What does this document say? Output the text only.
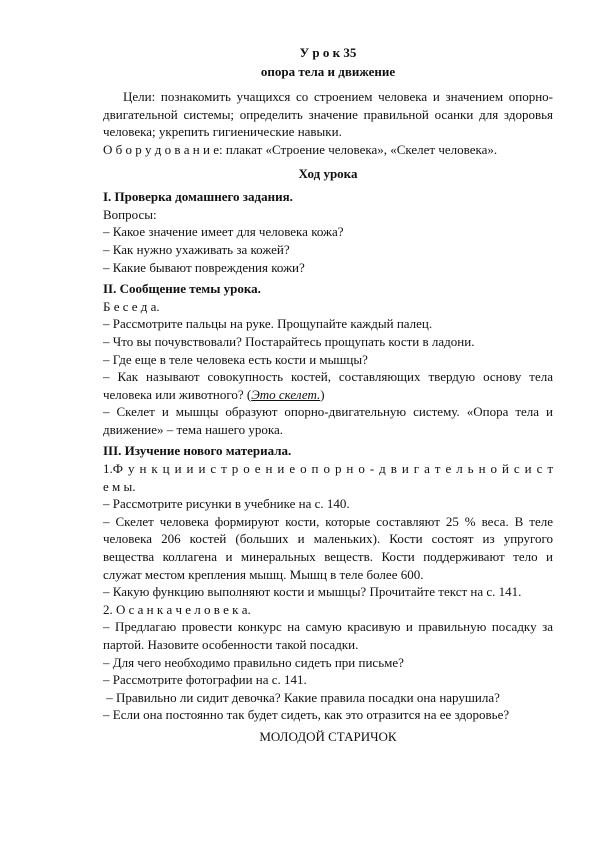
У р о к 35

опора тела и движение

Цели: познакомить учащихся со строением человека и значением опорно-двигательной системы; определить значение правильной осанки для здоровья человека; укрепить гигиенические навыки.

О б о р у д о в а н и е: плакат «Строение человека», «Скелет человека».

Ход урока

I. Проверка домашнего задания.

Вопросы:

– Какое значение имеет для человека кожа?

– Как нужно ухаживать за кожей?

– Какие бывают повреждения кожи?

II. Сообщение темы урока.

Б е с е д а.

– Рассмотрите пальцы на руке. Прощупайте каждый палец.

– Что вы почувствовали? Постарайтесь прощупать кости в ладони.

– Где еще в теле человека есть кости и мышцы?

– Как называют совокупность костей, составляющих твердую основу тела человека или животного? (Это скелет.)

– Скелет и мышцы образуют опорно-двигательную систему. «Опора тела и движение» – тема нашего урока.

III. Изучение нового материала.

1.Ф у н к ц и и и с т р о е н и е о п о р н о - д в и г а т е л ь н о й с и с т

е м ы.

– Рассмотрите рисунки в учебнике на с. 140.

– Скелет человека формируют кости, которые составляют 25 % веса. В теле человека 206 костей (больших и маленьких). Кости состоят из упругого вещества коллагена и минеральных веществ. Кости поддерживают тело и служат местом крепления мышц. Мышц в теле более 600.

– Какую функцию выполняют кости и мышцы? Прочитайте текст на с. 141.

2. О с а н к а ч е л о в е к а.

– Предлагаю провести конкурс на самую красивую и правильную посадку за партой. Назовите особенности такой посадки.

– Для чего необходимо правильно сидеть при письме?

– Рассмотрите фотографии на с. 141.

– Правильно ли сидит девочка? Какие правила посадки она нарушила?

– Если она постоянно так будет сидеть, как это отразится на ее здоровье?

МОЛОДОЙ СТАРИЧОК
